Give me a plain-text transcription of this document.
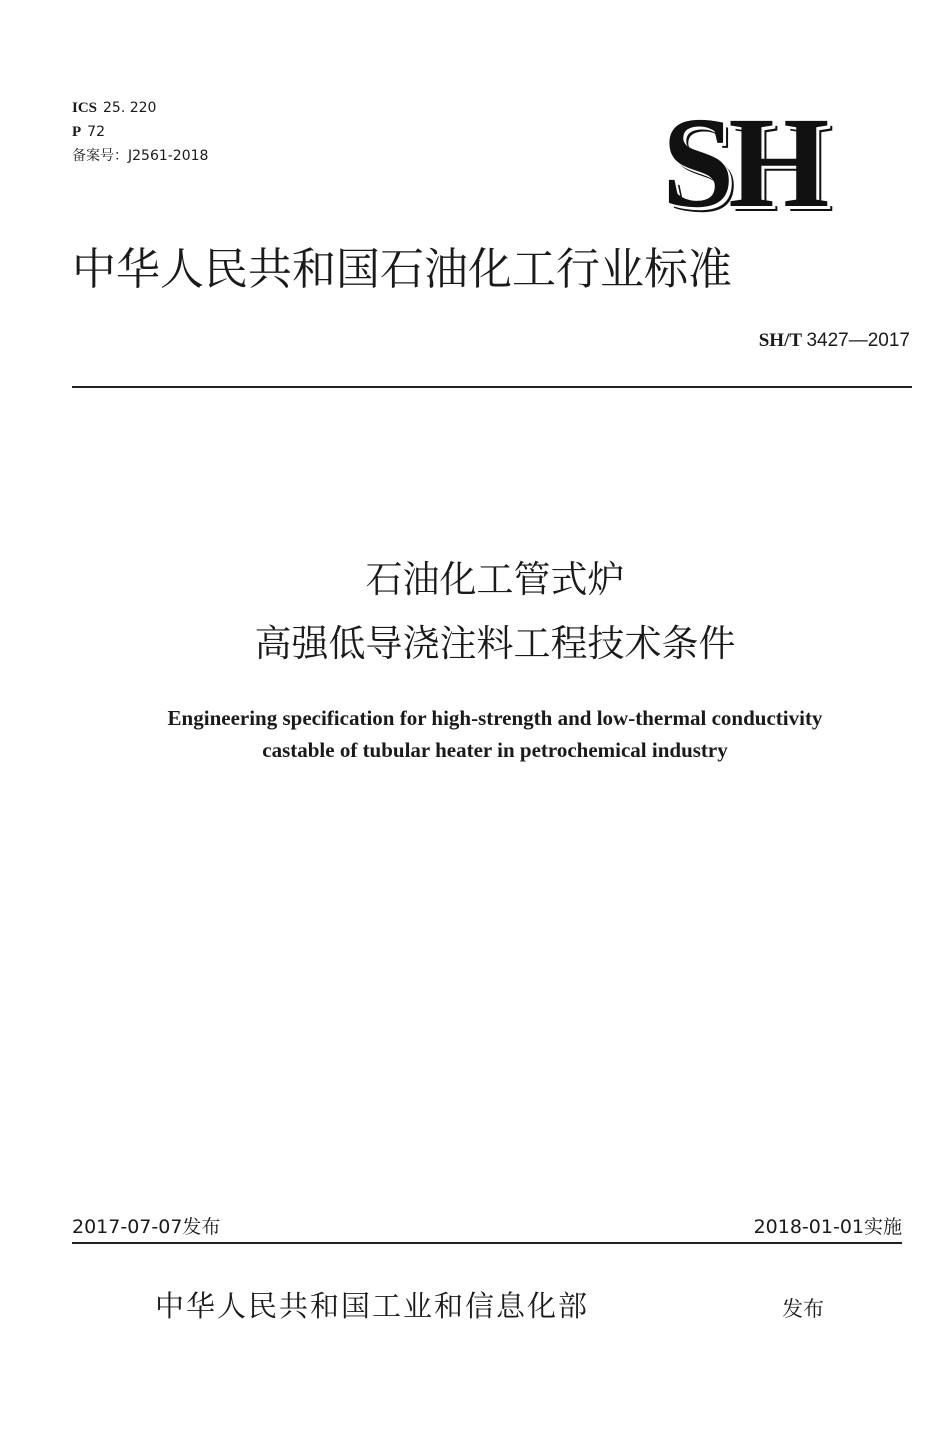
ICS 25. 220
P 72
备案号：J2561-2018	SH
中华人民共和国石油化工行业标准
SH/T 3427—2017
石油化工管式炉
高强低导浇注料工程技术条件
Engineering specification for high-strength and low-thermal conductivity
castable of tubular heater in petrochemical industry
2017-07-07发布	2018-01-01实施
中华人民共和国工业和信息化部	发布
